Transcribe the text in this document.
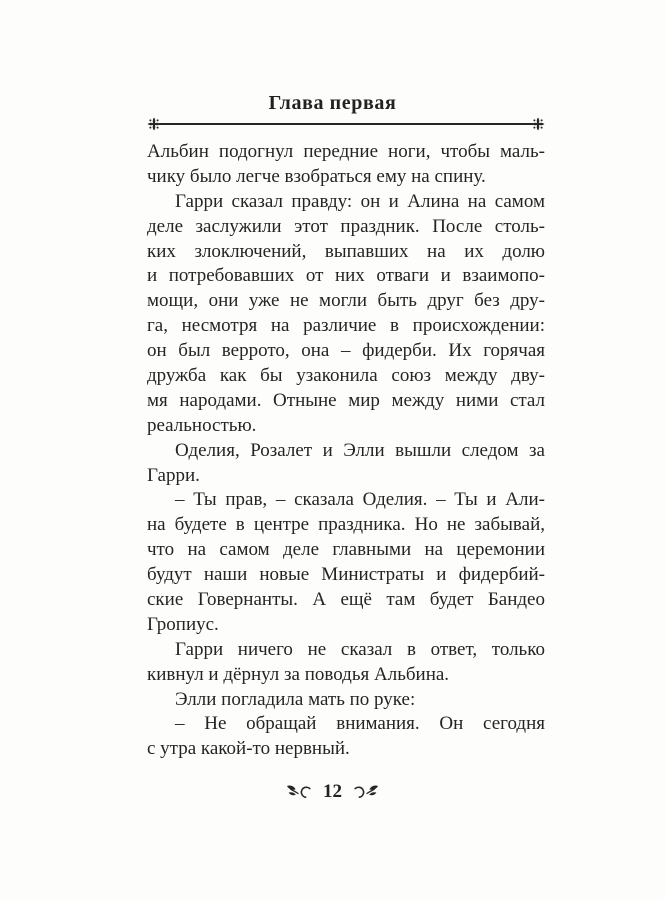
Глава первая
Альбин подогнул передние ноги, чтобы маль-
чику было легче взобраться ему на спину.
Гарри сказал правду: он и Алина на самом
деле заслужили этот праздник. После столь-
ких злоключений, выпавших на их долю
и потребовавших от них отваги и взаимопо-
мощи, они уже не могли быть друг без дру-
га, несмотря на различие в происхождении:
он был веррото, она – фидерби. Их горячая
дружба как бы узаконила союз между дву-
мя народами. Отныне мир между ними стал
реальностью.
Оделия, Розалет и Элли вышли следом за
Гарри.
– Ты прав, – сказала Оделия. – Ты и Али-
на будете в центре праздника. Но не забывай,
что на самом деле главными на церемонии
будут наши новые Министраты и фидербий-
ские Говернанты. А ещё там будет Бандео
Гропиус.
Гарри ничего не сказал в ответ, только
кивнул и дёрнул за поводья Альбина.
Элли погладила мать по руке:
– Не обращай внимания. Он сегодня
с утра какой-то нервный.
12
